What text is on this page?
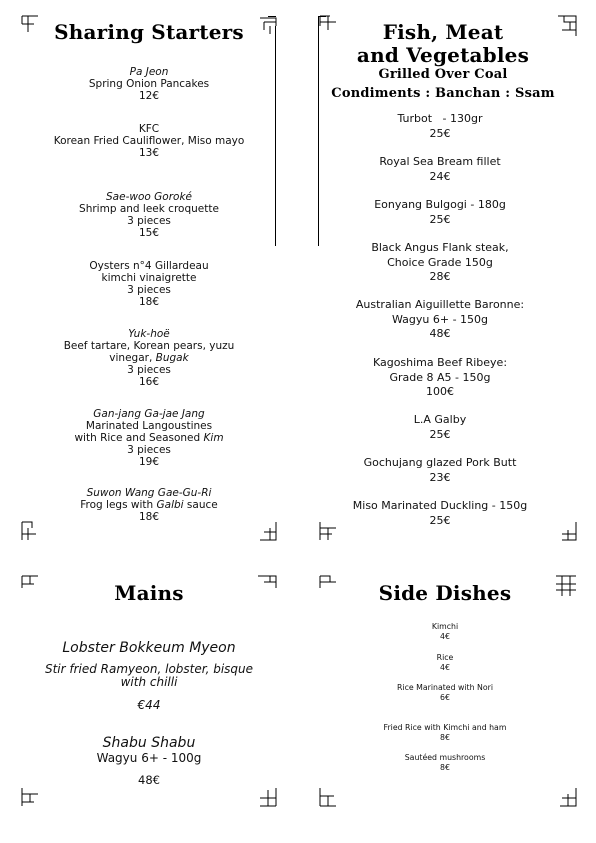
Sharing Starters
Pa Jeon
Spring Onion Pancakes
12€
KFC
Korean Fried Cauliflower, Miso mayo
13€
Sae-woo Goroké
Shrimp and leek croquette
3 pieces
15€
Oysters n°4 Gillardeau
kimchi vinaigrette
3 pieces
18€
Yuk-hoë
Beef tartare, Korean pears, yuzu
vinegar, Bugak
3 pieces
16€
Gan-jang Ga-jae Jang
Marinated Langoustines
with Rice and Seasoned Kim
3 pieces
19€
Suwon Wang Gae-Gu-Ri
Frog legs with Galbi sauce
18€
Fish, Meat
and Vegetables
Grilled Over Coal
Condiments : Banchan : Ssam
Turbot   - 130gr
25€
Royal Sea Bream fillet
24€
Eonyang Bulgogi - 180g
25€
Black Angus Flank steak,
Choice Grade 150g
28€
Australian Aiguillette Baronne:
Wagyu 6+ - 150g
48€
Kagoshima Beef Ribeye:
Grade 8 A5 - 150g
100€
L.A Galby
25€
Gochujang glazed Pork Butt
23€
Miso Marinated Duckling - 150g
25€
Mains
Lobster Bokkeum Myeon
Stir fried Ramyeon, lobster, bisque
with chilli
€44
Shabu Shabu
Wagyu 6+ - 100g
48€
Side Dishes
Kimchi
4€
Rice
4€
Rice Marinated with Nori
6€
Fried Rice with Kimchi and ham
8€
Sautéed mushrooms
8€
